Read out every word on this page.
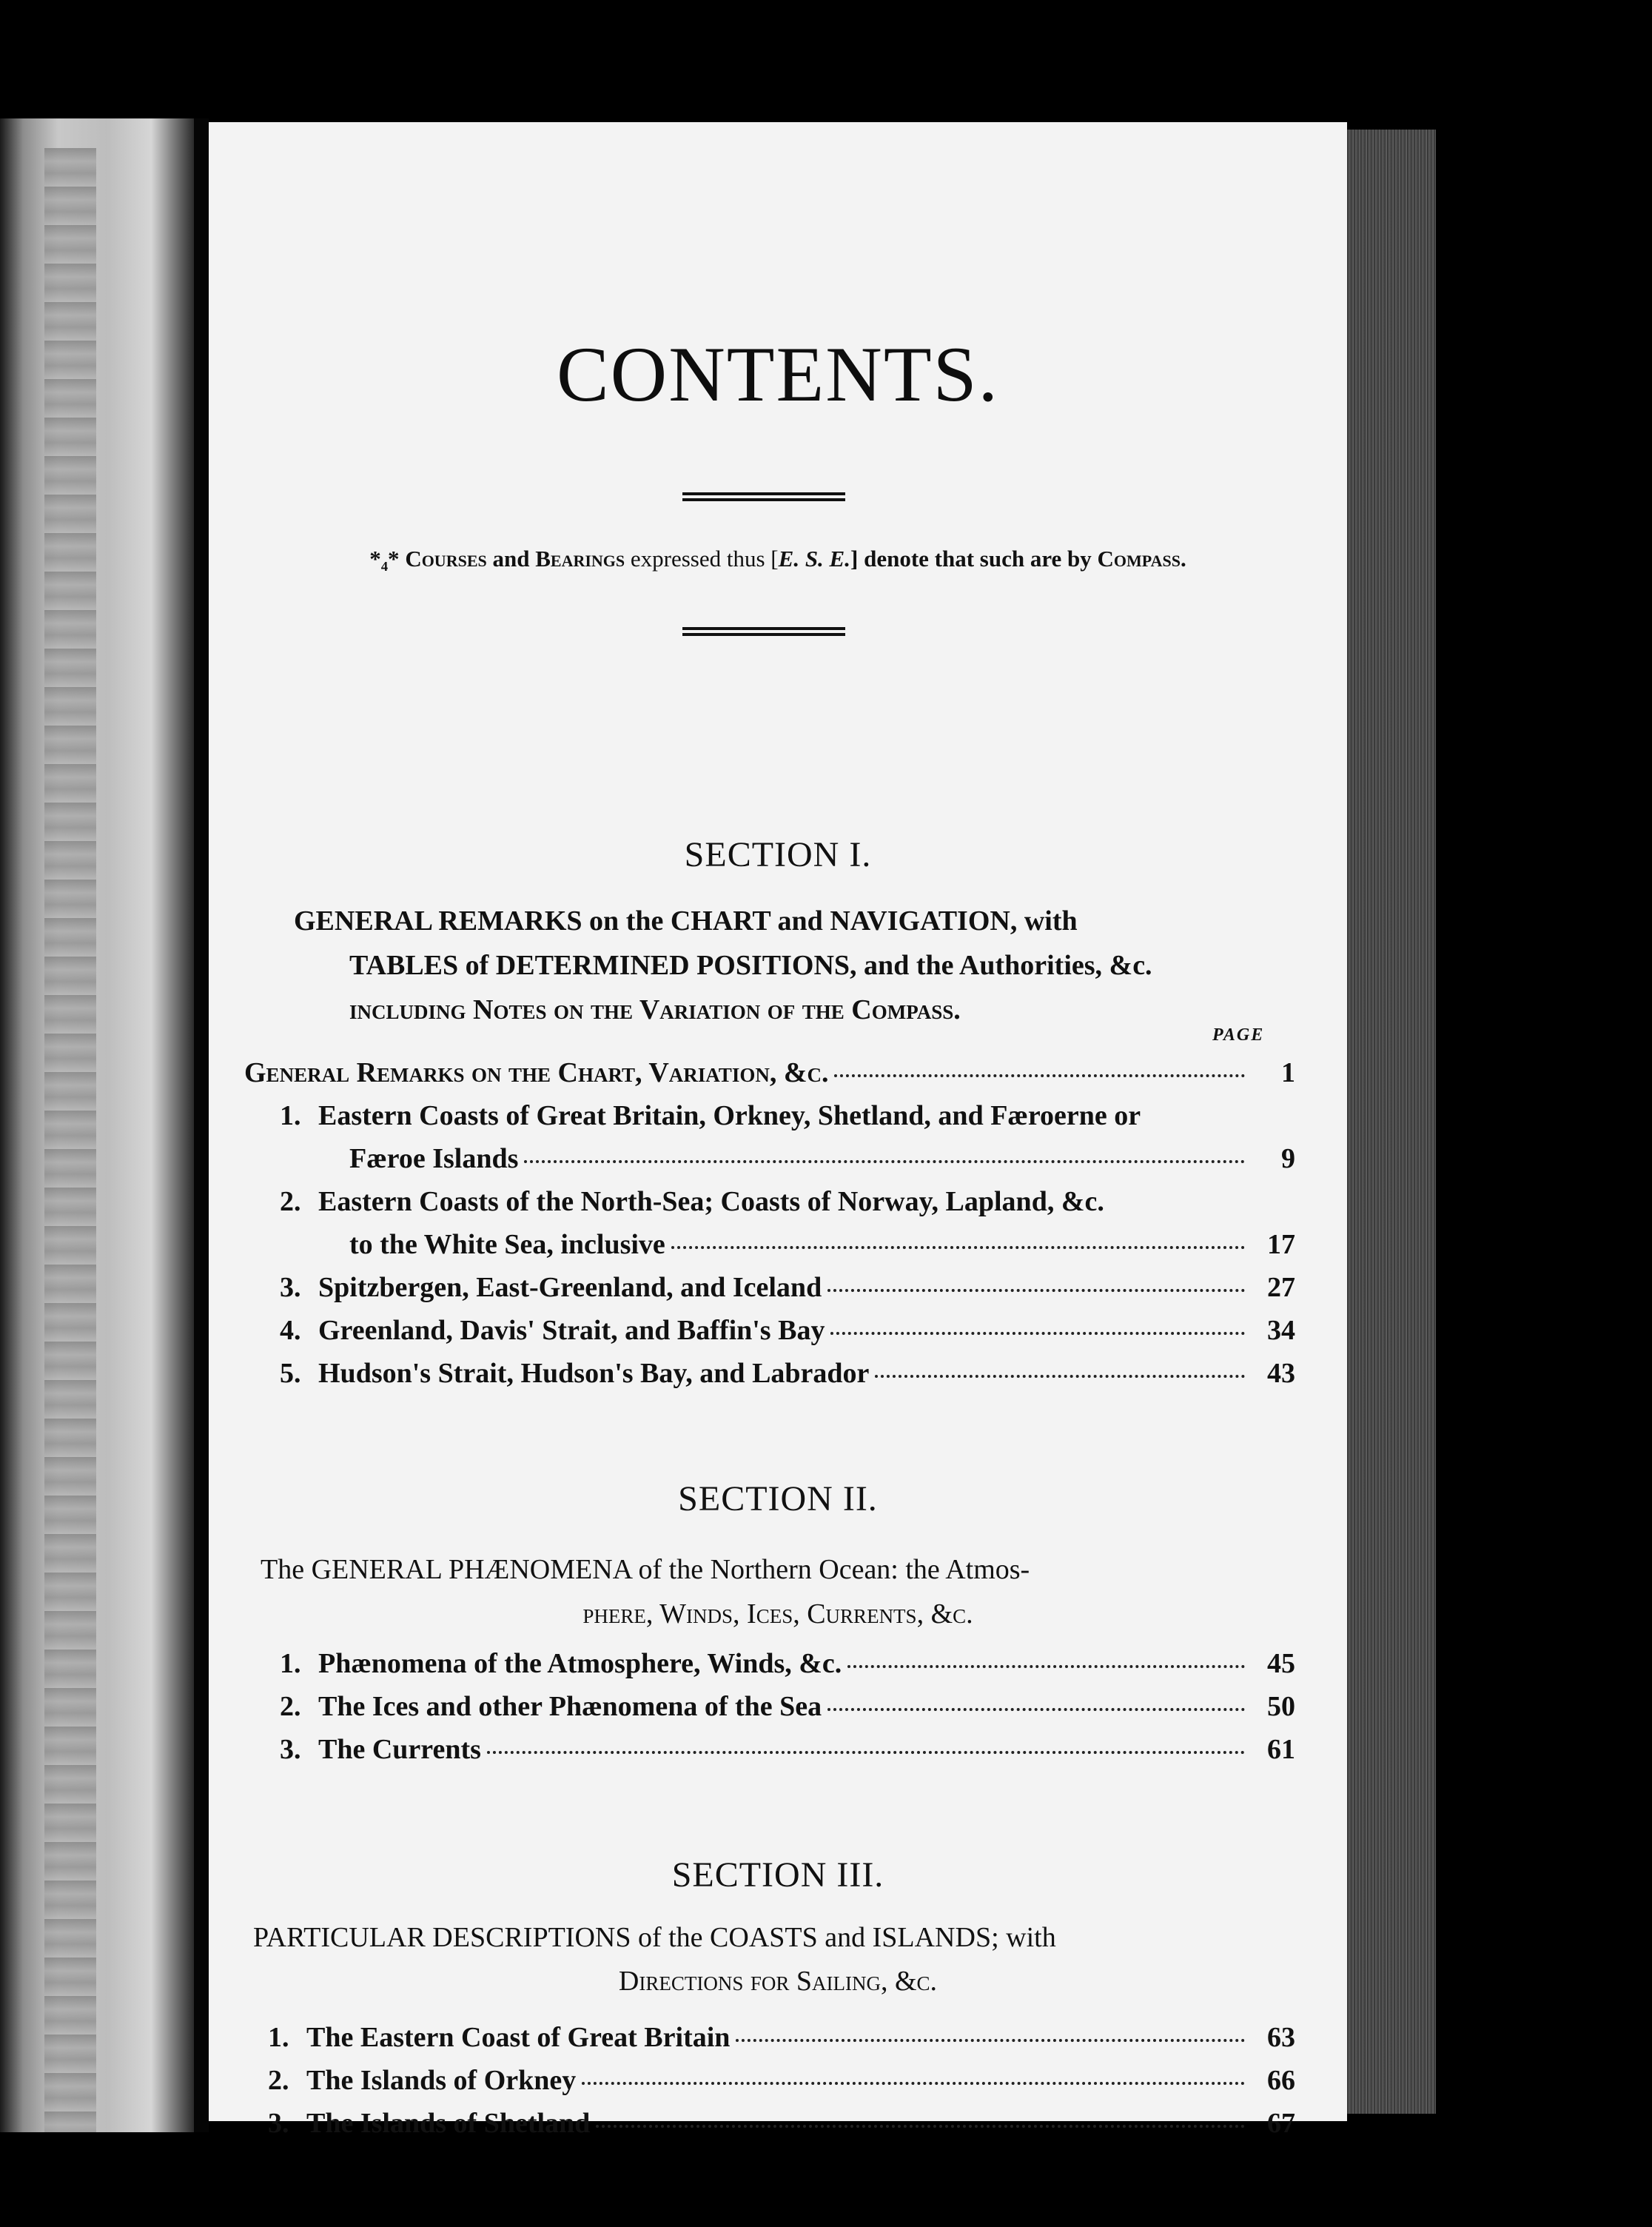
CONTENTS.
*₄* Courses and Bearings expressed thus [E. S. E.] denote that such are by Compass.
SECTION I.
GENERAL REMARKS on the CHART and NAVIGATION, with
TABLES of DETERMINED POSITIONS, and the Authorities, &c.
including Notes on the Variation of the Compass.
PAGE
General Remarks on the Chart, Variation, &c.	1
1. Eastern Coasts of Great Britain, Orkney, Shetland, and Færoerne or
Færoe Islands	9
2. Eastern Coasts of the North-Sea; Coasts of Norway, Lapland, &c.
to the White Sea, inclusive	17
3. Spitzbergen, East-Greenland, and Iceland	27
4. Greenland, Davis' Strait, and Baffin's Bay	34
5. Hudson's Strait, Hudson's Bay, and Labrador	43
SECTION II.
The GENERAL PHÆNOMENA of the Northern Ocean: the Atmos-
phere, Winds, Ices, Currents, &c.
1. Phænomena of the Atmosphere, Winds, &c.	45
2. The Ices and other Phænomena of the Sea	50
3. The Currents	61
SECTION III.
PARTICULAR DESCRIPTIONS of the COASTS and ISLANDS; with
Directions for Sailing, &c.
1. The Eastern Coast of Great Britain	63
2. The Islands of Orkney	66
3. The Islands of Shetland	67
